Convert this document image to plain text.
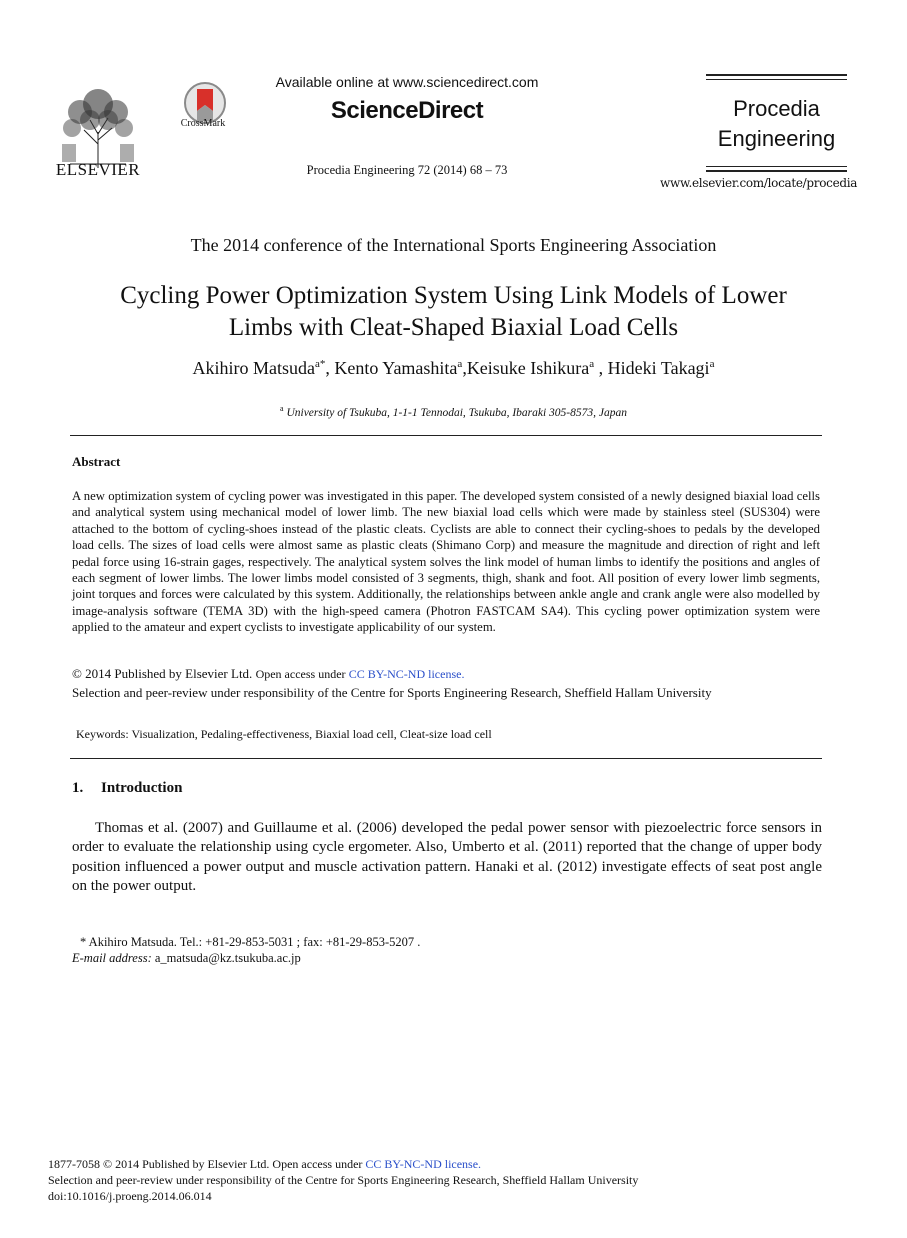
ELSEVIER
CrossMark
Available online at www.sciencedirect.com
ScienceDirect
Procedia Engineering 72 (2014) 68 – 73
Procedia
Engineering
www.elsevier.com/locate/procedia
The 2014 conference of the International Sports Engineering Association
Cycling Power Optimization System Using Link Models of Lower
Limbs with Cleat-Shaped Biaxial Load Cells
Akihiro Matsuda$^{a*}$, Kento Yamashita$^a$,Keisuke Ishikura$^a$ , Hideki Takagi$^a$
$^a$ University of Tsukuba, 1-1-1 Tennodai, Tsukuba, Ibaraki 305-8573, Japan
Abstract
A new optimization system of cycling power was investigated in this paper. The developed system consisted of a newly designed biaxial load cells and analytical system using mechanical model of lower limb. The new biaxial load cells which were made by stainless steel (SUS304) were attached to the bottom of cycling-shoes instead of the plastic cleats. Cyclists are able to connect their cycling-shoes to pedals by the developed load cells. The sizes of load cells were almost same as plastic cleats (Shimano Corp) and measure the magnitude and direction of right and left pedal force using 16-strain gages, respectively. The analytical system solves the link model of human limbs to identify the positions and angles of each segment of lower limbs. The lower limbs model consisted of 3 segments, thigh, shank and foot. All position of every lower limb segments, joint torques and forces were calculated by this system. Additionally, the relationships between ankle angle and crank angle were also modelled by image-analysis software (TEMA 3D) with the high-speed camera (Photron FASTCAM SA4). This cycling power optimization system were applied to the amateur and expert cyclists to investigate applicability of our system.
© 2014 Published by Elsevier Ltd. Open access under CC BY-NC-ND license.
Selection and peer-review under responsibility of the Centre for Sports Engineering Research, Sheffield Hallam University
Keywords: Visualization, Pedaling-effectiveness, Biaxial load cell, Cleat-size load cell
1. Introduction
Thomas et al. (2007) and Guillaume et al. (2006) developed the pedal power sensor with piezoelectric force sensors in order to evaluate the relationship using cycle ergometer. Also, Umberto et al. (2011) reported that the change of upper body position influenced a power output and muscle activation pattern. Hanaki et al. (2012) investigate effects of seat post angle on the power output.
* Akihiro Matsuda. Tel.: +81-29-853-5031 ; fax: +81-29-853-5207 .
E-mail address: a_matsuda@kz.tsukuba.ac.jp
1877-7058 © 2014 Published by Elsevier Ltd. Open access under CC BY-NC-ND license.
Selection and peer-review under responsibility of the Centre for Sports Engineering Research, Sheffield Hallam University
doi:10.1016/j.proeng.2014.06.014
